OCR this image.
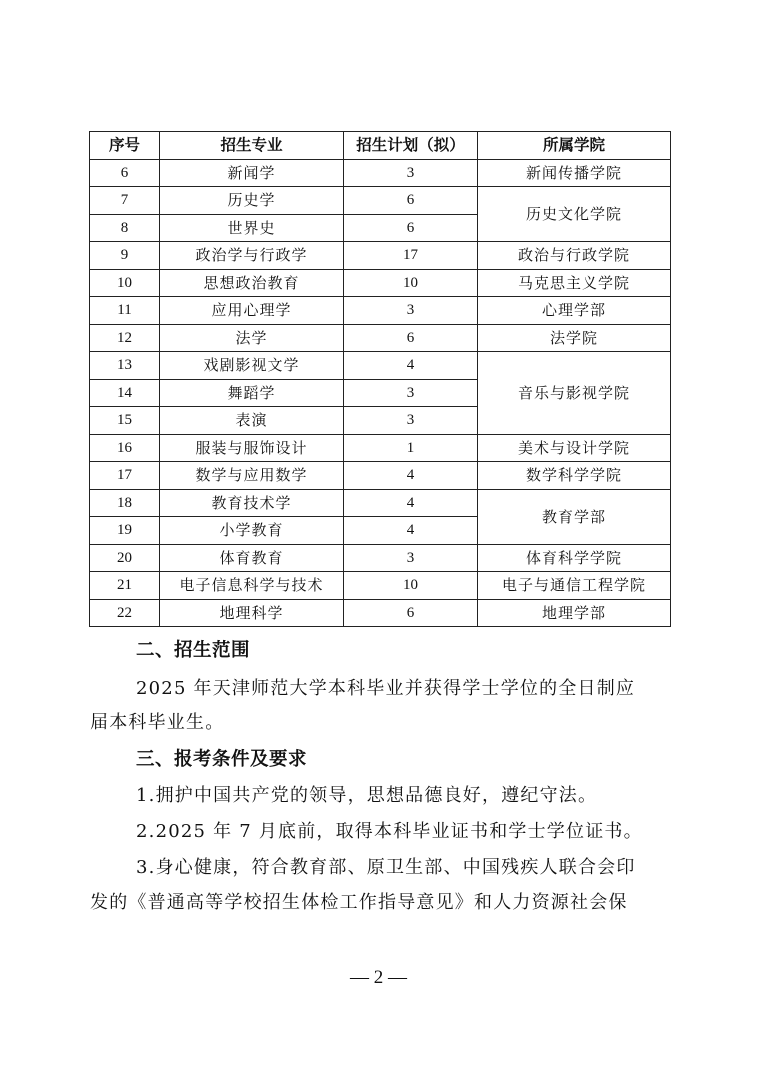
序号	招生专业	招生计划（拟）	所属学院
6	新闻学	3	新闻传播学院
7	历史学	6	历史文化学院
8	世界史	6	
9	政治学与行政学	17	政治与行政学院
10	思想政治教育	10	马克思主义学院
11	应用心理学	3	心理学部
12	法学	6	法学院
13	戏剧影视文学	4	音乐与影视学院
14	舞蹈学	3	
15	表演	3	
16	服装与服饰设计	1	美术与设计学院
17	数学与应用数学	4	数学科学学院
18	教育技术学	4	教育学部
19	小学教育	4	
20	体育教育	3	体育科学学院
21	电子信息科学与技术	10	电子与通信工程学院
22	地理科学	6	地理学部
二、招生范围
2025 年天津师范大学本科毕业并获得学士学位的全日制应
届本科毕业生。
三、报考条件及要求
1.拥护中国共产党的领导，思想品德良好，遵纪守法。
2.2025 年 7 月底前，取得本科毕业证书和学士学位证书。
3.身心健康，符合教育部、原卫生部、中国残疾人联合会印
发的《普通高等学校招生体检工作指导意见》和人力资源社会保
— 2 —
